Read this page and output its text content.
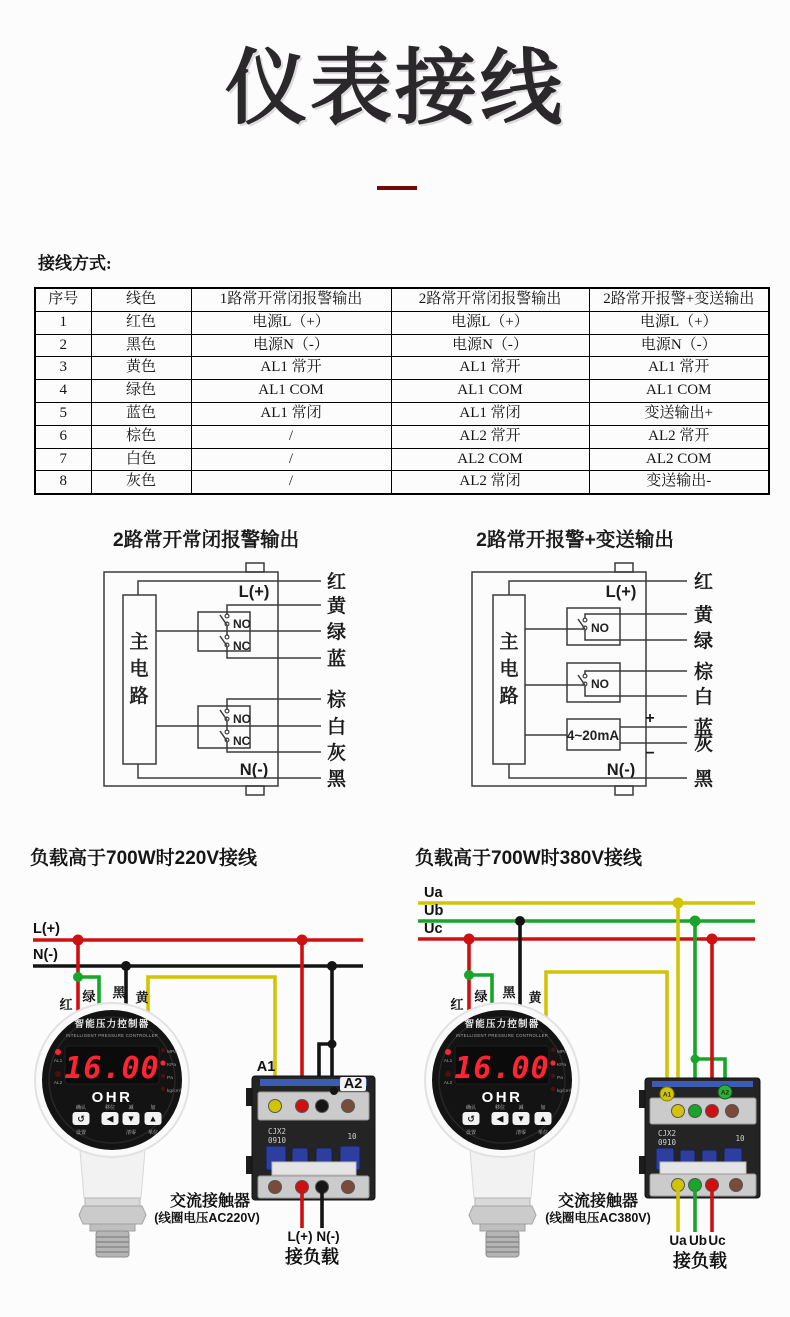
仪表接线
接线方式:
序号	线色	1路常开常闭报警输出	2路常开常闭报警输出	2路常开报警+变送输出
1	红色	电源L（+）	电源L（+）	电源L（+）
2	黑色	电源N（-）	电源N（-）	电源N（-）
3	黄色	AL1 常开	AL1 常开	AL1 常开
4	绿色	AL1 COM	AL1 COM	AL1 COM
5	蓝色	AL1 常闭	AL1 常闭	变送输出+
6	棕色	/	AL2 常开	AL2 常开
7	白色	/	AL2 COM	AL2 COM
8	灰色	/	AL2 常闭	变送输出-
2路常开常闭报警输出
主
电
路
L(+)
N(-)
NO
NC
NO
NC
红
黄
绿
蓝
棕
白
灰
黑
2路常开报警+变送输出
主
电
路
L(+)
N(-)
NO
NO
4~20mA
+
−
红
黄
绿
棕
白
蓝
灰
黑
负载高于700W时220V接线	负载高于700W时380V接线
CJX2
0910	10
A1	A2
CJX2
0910	10
智能压力控制器
INTELLIGENT PRESSURE CONTROLLER
16.00
AL1
AL2
MPa
KPa
Pa
kg/cm²
OHR
确认	移位	减	加
↺ ◀ ▼ ▲
设置	清零 单位
L(+)
N(-)
红
绿 黑 黄
A1
A2
交流接触器
(线圈电压AC220V)
L(+) N(-)
接负载
Ua
Ub
Uc
红
绿 黑 黄
交流接触器
(线圈电压AC380V)
Ua Ub Uc
接负载
